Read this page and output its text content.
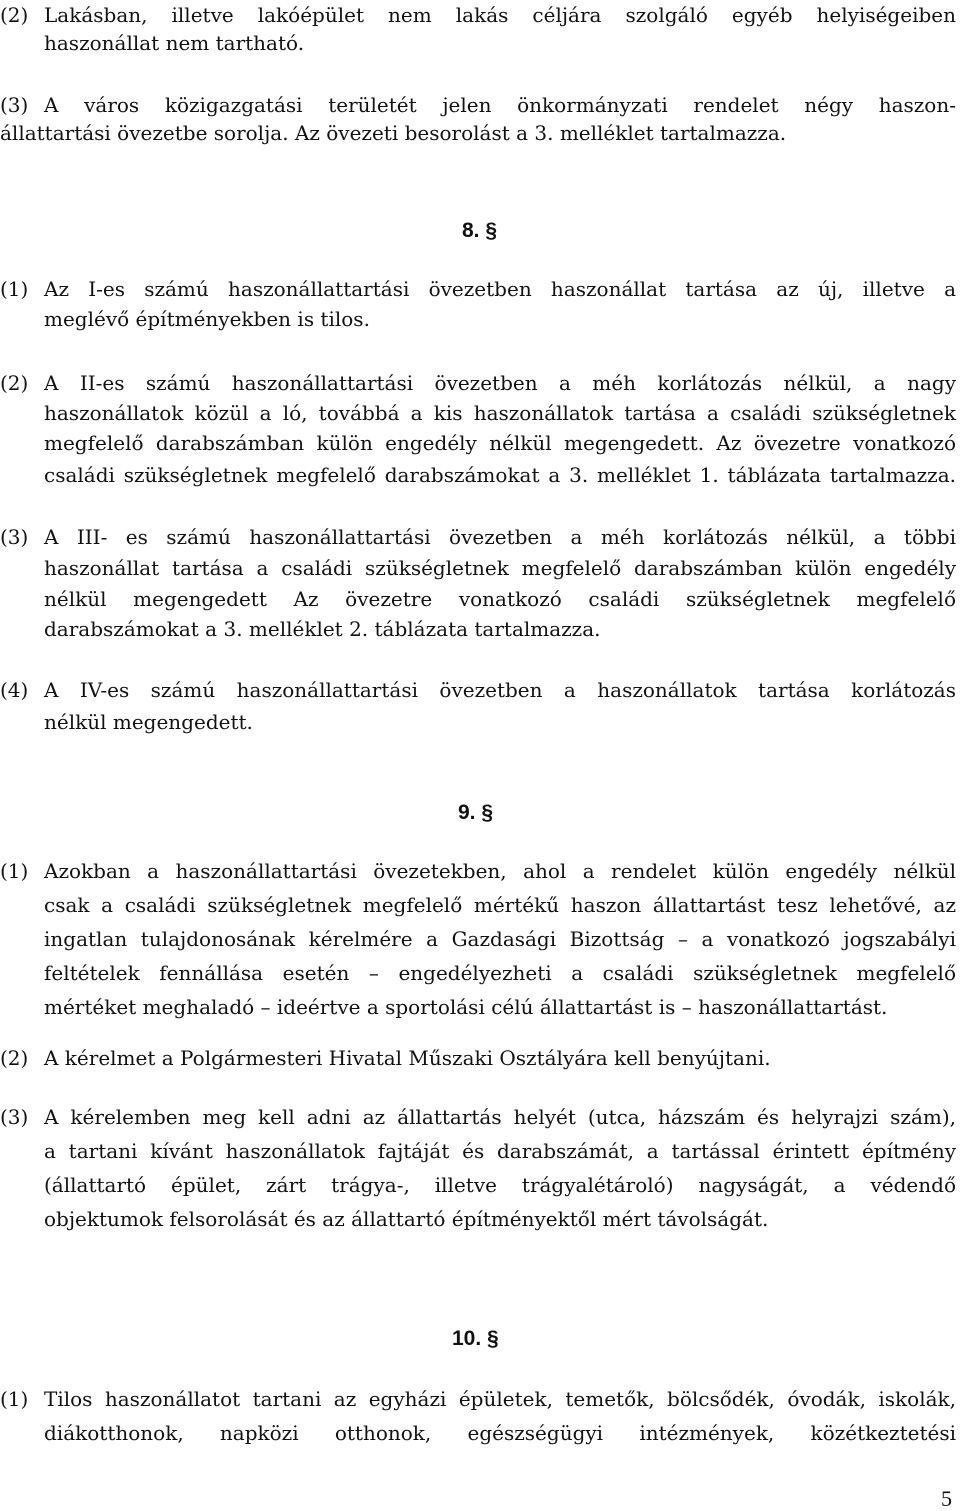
(2) Lakásban, illetve lakóépület nem lakás céljára szolgáló egyéb helyiségeiben
haszonállat nem tartható.
(3) A város közigazgatási területét jelen önkormányzati rendelet négy haszon-
állattartási övezetbe sorolja. Az övezeti besorolást a 3. melléklet tartalmazza.
8. §
(1) Az I-es számú haszonállattartási övezetben haszonállat tartása az új, illetve a
meglévő építményekben is tilos.
(2) A II-es számú haszonállattartási övezetben a méh korlátozás nélkül, a nagy
haszonállatok közül a ló, továbbá a kis haszonállatok tartása a családi szükségletnek
megfelelő darabszámban külön engedély nélkül megengedett. Az övezetre vonatkozó
családi szükségletnek megfelelő darabszámokat a 3. melléklet 1. táblázata tartalmazza.
(3) A III- es számú haszonállattartási övezetben a méh korlátozás nélkül, a többi
haszonállat tartása a családi szükségletnek megfelelő darabszámban külön engedély
nélkül megengedett Az övezetre vonatkozó családi szükségletnek megfelelő
darabszámokat a 3. melléklet 2. táblázata tartalmazza.
(4) A IV-es számú haszonállattartási övezetben a haszonállatok tartása korlátozás
nélkül megengedett.
9. §
(1) Azokban a haszonállattartási övezetekben, ahol a rendelet külön engedély nélkül
csak a családi szükségletnek megfelelő mértékű haszon állattartást tesz lehetővé, az
ingatlan tulajdonosának kérelmére a Gazdasági Bizottság – a vonatkozó jogszabályi
feltételek fennállása esetén – engedélyezheti a családi szükségletnek megfelelő
mértéket meghaladó – ideértve a sportolási célú állattartást is – haszonállattartást.
(2) A kérelmet a Polgármesteri Hivatal Műszaki Osztályára kell benyújtani.
(3) A kérelemben meg kell adni az állattartás helyét (utca, házszám és helyrajzi szám),
a tartani kívánt haszonállatok fajtáját és darabszámát, a tartással érintett építmény
(állattartó épület, zárt trágya-, illetve trágyalétároló) nagyságát, a védendő
objektumok felsorolását és az állattartó építményektől mért távolságát.
10. §
(1) Tilos haszonállatot tartani az egyházi épületek, temetők, bölcsődék, óvodák, iskolák,
diákotthonok, napközi otthonok, egészségügyi intézmények, közétkeztetési
5
